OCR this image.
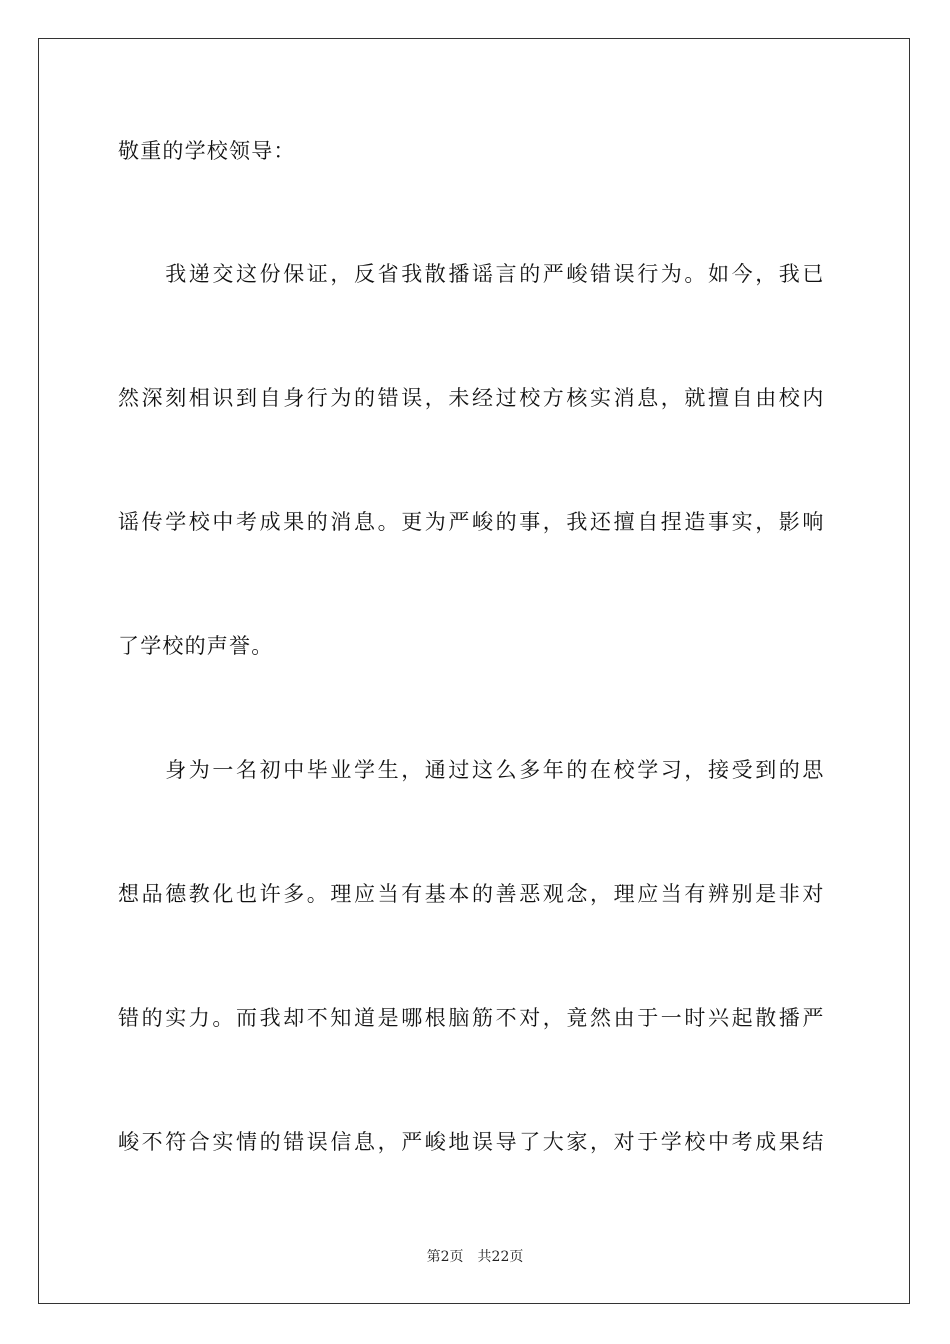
敬重的学校领导：
　　我递交这份保证，反省我散播谣言的严峻错误行为。如今，我已
然深刻相识到自身行为的错误，未经过校方核实消息，就擅自由校内
谣传学校中考成果的消息。更为严峻的事，我还擅自捏造事实，影响
了学校的声誉。
　　身为一名初中毕业学生，通过这么多年的在校学习，接受到的思
想品德教化也许多。理应当有基本的善恶观念，理应当有辨别是非对
错的实力。而我却不知道是哪根脑筋不对，竟然由于一时兴起散播严
峻不符合实情的错误信息，严峻地误导了大家，对于学校中考成果结
第2页 共22页
